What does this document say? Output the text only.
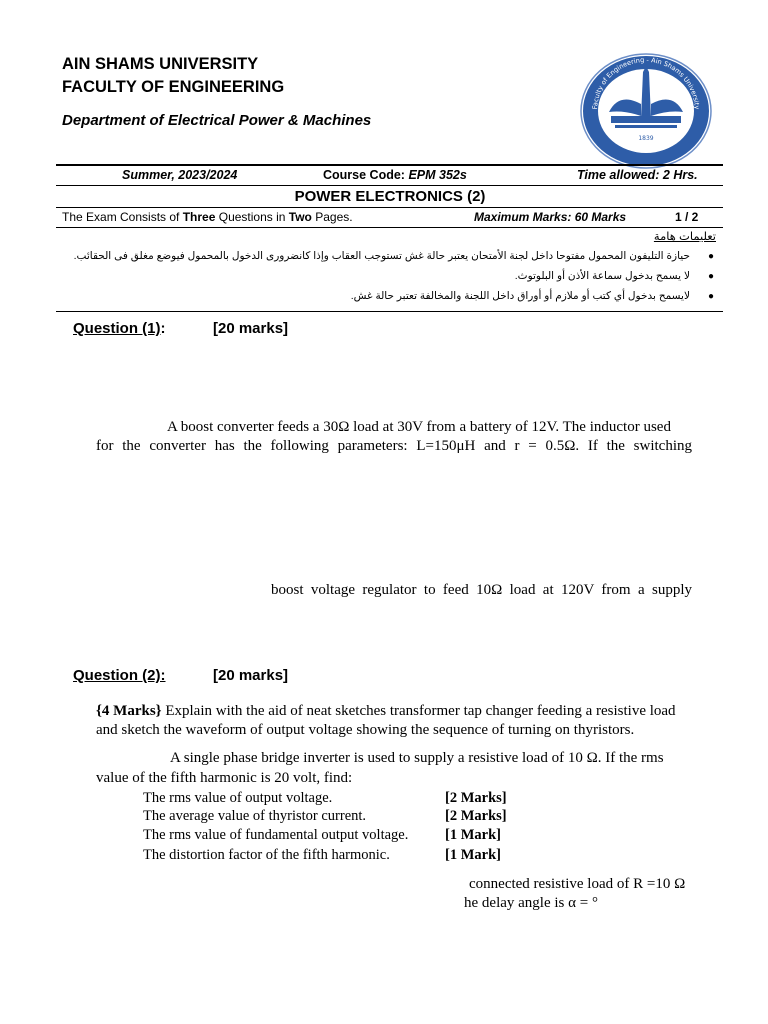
AIN SHAMS UNIVERSITY
FACULTY OF ENGINEERING
Department of Electrical Power & Machines
Faculty of Engineering - Ain Shams University
1839
Summer, 2023/2024	Course Code: EPM 352s	Time allowed: 2 Hrs.
POWER ELECTRONICS (2)
The Exam Consists of Three Questions in Two Pages.	Maximum Marks: 60 Marks	1 / 2
تعليمات هامة
●حيازة التليفون المحمول مفتوحا داخل لجنة الأمتحان يعتبر حالة غش تستوجب العقاب وإذا كانضرورى الدخول بالمحمول فيوضع مغلق فى الحقائب.
●لا يسمح بدخول سماعة الأذن أو البلوتوث.
●لايسمح بدخول أي كتب أو ملازم أو أوراق داخل اللجنة والمخالفة تعتبر حالة غش.
Question (1):	[20 marks]
A boost converter feeds a 30Ω load at 30V from a battery of 12V. The inductor used
for the converter has the following parameters: L=150μH and r = 0.5Ω. If the switching
boost voltage regulator to feed 10Ω load at 120V from a supply
Question (2):	[20 marks]
{4 Marks} Explain with the aid of neat sketches transformer tap changer feeding a resistive load
and sketch the waveform of output voltage showing the sequence of turning on thyristors.
A single phase bridge inverter is used to supply a resistive load of 10 Ω. If the rms
value of the fifth harmonic is 20 volt, find:
The rms value of output voltage.	[2 Marks]
The average value of thyristor current.	[2 Marks]
The rms value of fundamental output voltage.	[1 Mark]
The distortion factor of the fifth harmonic.	[1 Mark]
connected resistive load of R =10 Ω
he delay angle is α = °
